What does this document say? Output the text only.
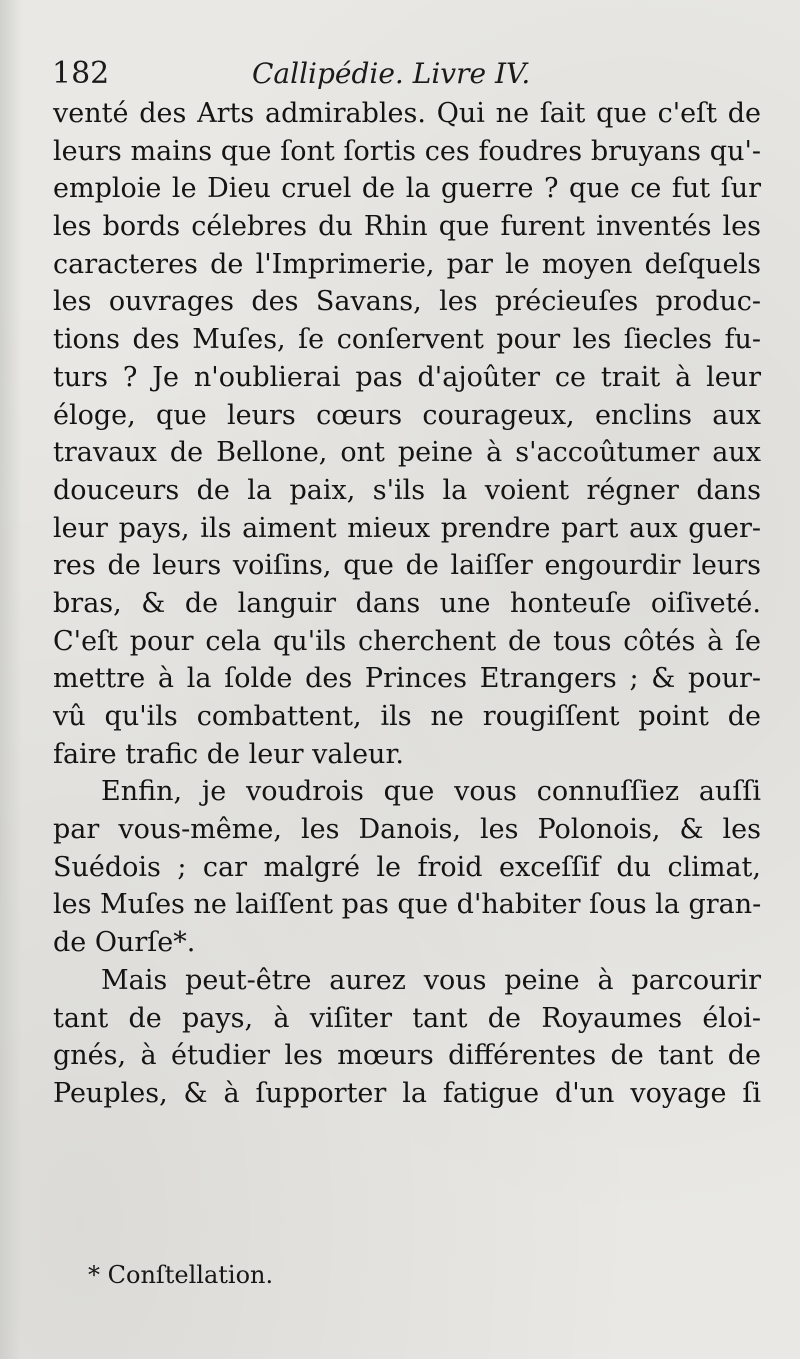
182	Callipédie. Livre IV.
venté des Arts admirables. Qui ne ſait que c'eſt de
leurs mains que ſont ſortis ces foudres bruyans qu'-
emploie le Dieu cruel de la guerre ? que ce fut ſur
les bords célebres du Rhin que furent inventés les
caracteres de l'Imprimerie, par le moyen deſquels
les ouvrages des Savans, les précieuſes produc-
tions des Muſes, ſe conſervent pour les ſiecles fu-
turs ? Je n'oublierai pas d'ajoûter ce trait à leur
éloge, que leurs cœurs courageux, enclins aux
travaux de Bellone, ont peine à s'accoûtumer aux
douceurs de la paix, s'ils la voient régner dans
leur pays, ils aiment mieux prendre part aux guer-
res de leurs voiſins, que de laiſſer engourdir leurs
bras, & de languir dans une honteuſe oiſiveté.
C'eſt pour cela qu'ils cherchent de tous côtés à ſe
mettre à la ſolde des Princes Etrangers ; & pour-
vû qu'ils combattent, ils ne rougiſſent point de
faire trafic de leur valeur.
Enfin, je voudrois que vous connuſſiez auſſi
par vous-même, les Danois, les Polonois, & les
Suédois ; car malgré le froid exceſſif du climat,
les Muſes ne laiſſent pas que d'habiter ſous la gran-
de Ourſe*.
Mais peut-être aurez vous peine à parcourir
tant de pays, à viſiter tant de Royaumes éloi-
gnés, à étudier les mœurs différentes de tant de
Peuples, & à ſupporter la fatigue d'un voyage ſi
* Conſtellation.
